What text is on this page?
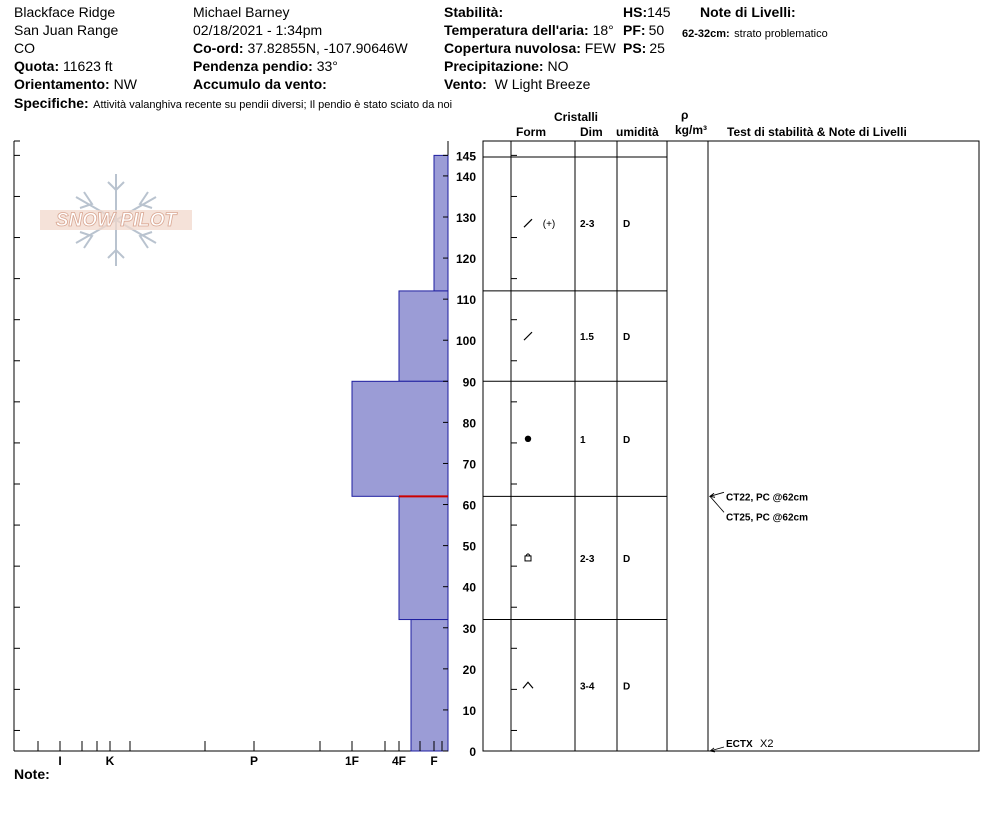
Blackface Ridge
San Juan Range
CO
Quota: 11623 ft
Orientamento: NW
Specifiche: Attività valanghiva recente su pendii diversi; Il pendio è stato sciato da noi
Michael Barney
02/18/2021 - 1:34pm
Co-ord: 37.82855N, -107.90646W
Pendenza pendio: 33°
Accumulo da vento:
Stabilità:
Temperatura dell'aria: 18°
Copertura nuvolosa: FEW
Precipitazione: NO
Vento: W Light Breeze
HS:145
PF: 50
PS: 25
Note di Livelli:
62-32cm: strato problematico
Note:
Cristalli
Form	Dim umidità
ρ
kg/m³ Test di stabilità & Note di Livelli
SNOW PILOT
I	K	P	1F	4F F
0
10
20
30
40
50
60
70
80
90
100
110
120
130
140
145
(+) 2-3	D
1.5	D
1	D
2-3	D
3-4	D
CT22, PC @62cm
CT25, PC @62cm
ECTX X2
